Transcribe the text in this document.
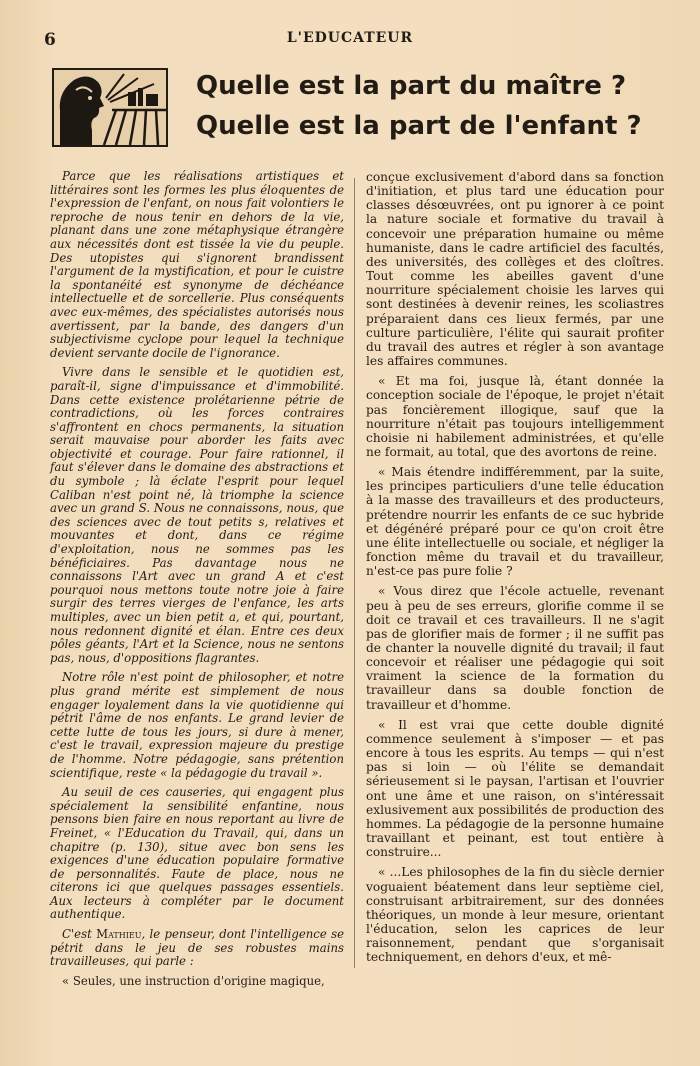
6	L'EDUCATEUR
Quelle est la part du maître ?
Quelle est la part de l'enfant ?

Parce que les réalisations artistiques et littéraires sont les formes les plus éloquentes de l'expression de l'enfant, on nous fait volontiers le reproche de nous tenir en dehors de la vie, planant dans une zone métaphysique étrangère aux nécessités dont est tissée la vie du peuple. Des utopistes qui s'ignorent brandissent l'argument de la mystification, et pour le cuistre la spontanéité est synonyme de déchéance intellectuelle et de sorcellerie. Plus conséquents avec eux-mêmes, des spécialistes autorisés nous avertissent, par la bande, des dangers d'un subjectivisme cyclope pour lequel la technique devient servante docile de l'ignorance.

Vivre dans le sensible et le quotidien est, paraît-il, signe d'impuissance et d'immobilité. Dans cette existence prolétarienne pétrie de contradictions, où les forces contraires s'affrontent en chocs permanents, la situation serait mauvaise pour aborder les faits avec objectivité et courage. Pour faire rationnel, il faut s'élever dans le domaine des abstractions et du symbole ; là éclate l'esprit pour lequel Caliban n'est point né, là triomphe la science avec un grand S. Nous ne connaissons, nous, que des sciences avec de tout petits s, relatives et mouvantes et dont, dans ce régime d'exploitation, nous ne sommes pas les bénéficiaires. Pas davantage nous ne connaissons l'Art avec un grand A et c'est pourquoi nous mettons toute notre joie à faire surgir des terres vierges de l'enfance, les arts multiples, avec un bien petit a, et qui, pourtant, nous redonnent dignité et élan. Entre ces deux pôles géants, l'Art et la Science, nous ne sentons pas, nous, d'oppositions flagrantes.

Notre rôle n'est point de philosopher, et notre plus grand mérite est simplement de nous engager loyalement dans la vie quotidienne qui pétrit l'âme de nos enfants. Le grand levier de cette lutte de tous les jours, si dure à mener, c'est le travail, expression majeure du prestige de l'homme. Notre pédagogie, sans prétention scientifique, reste « la pédagogie du travail ».

Au seuil de ces causeries, qui engagent plus spécialement la sensibilité enfantine, nous pensons bien faire en nous reportant au livre de Freinet, « l'Education du Travail, qui, dans un chapitre (p. 130), situe avec bon sens les exigences d'une éducation populaire formative de personnalités. Faute de place, nous ne citerons ici que quelques passages essentiels. Aux lecteurs à compléter par le document authentique.

C'est Mathieu, le penseur, dont l'intelligence se pétrit dans le jeu de ses robustes mains travailleuses, qui parle :

« Seules, une instruction d'origine magique,

conçue exclusivement d'abord dans sa fonction d'initiation, et plus tard une éducation pour classes désœuvrées, ont pu ignorer à ce point la nature sociale et formative du travail à concevoir une préparation humaine ou même humaniste, dans le cadre artificiel des facultés, des universités, des collèges et des cloîtres. Tout comme les abeilles gavent d'une nourriture spécialement choisie les larves qui sont destinées à devenir reines, les scoliastres préparaient dans ces lieux fermés, par une culture particulière, l'élite qui saurait profiter du travail des autres et régler à son avantage les affaires communes.

« Et ma foi, jusque là, étant donnée la conception sociale de l'époque, le projet n'était pas foncièrement illogique, sauf que la nourriture n'était pas toujours intelligemment choisie ni habilement administrées, et qu'elle ne formait, au total, que des avortons de reine.

« Mais étendre indifféremment, par la suite, les principes particuliers d'une telle éducation à la masse des travailleurs et des producteurs, prétendre nourrir les enfants de ce suc hybride et dégénéré préparé pour ce qu'on croit être une élite intellectuelle ou sociale, et négliger la fonction même du travail et du travailleur, n'est-ce pas pure folie ?

« Vous direz que l'école actuelle, revenant peu à peu de ses erreurs, glorifie comme il se doit ce travail et ces travailleurs. Il ne s'agit pas de glorifier mais de former ; il ne suffit pas de chanter la nouvelle dignité du travail; il faut concevoir et réaliser une pédagogie qui soit vraiment la science de la formation du travailleur dans sa double fonction de travailleur et d'homme.

« Il est vrai que cette double dignité commence seulement à s'imposer — et pas encore à tous les esprits. Au temps — qui n'est pas si loin — où l'élite se demandait sérieusement si le paysan, l'artisan et l'ouvrier ont une âme et une raison, on s'intéressait exlusivement aux possibilités de production des hommes. La pédagogie de la personne humaine travaillant et peinant, est tout entière à construire...

« ...Les philosophes de la fin du siècle dernier voguaient béatement dans leur septième ciel, construisant arbitrairement, sur des données théoriques, un monde à leur mesure, orientant l'éducation, selon les caprices de leur raisonnement, pendant que s'organisait techniquement, en dehors d'eux, et mê-
